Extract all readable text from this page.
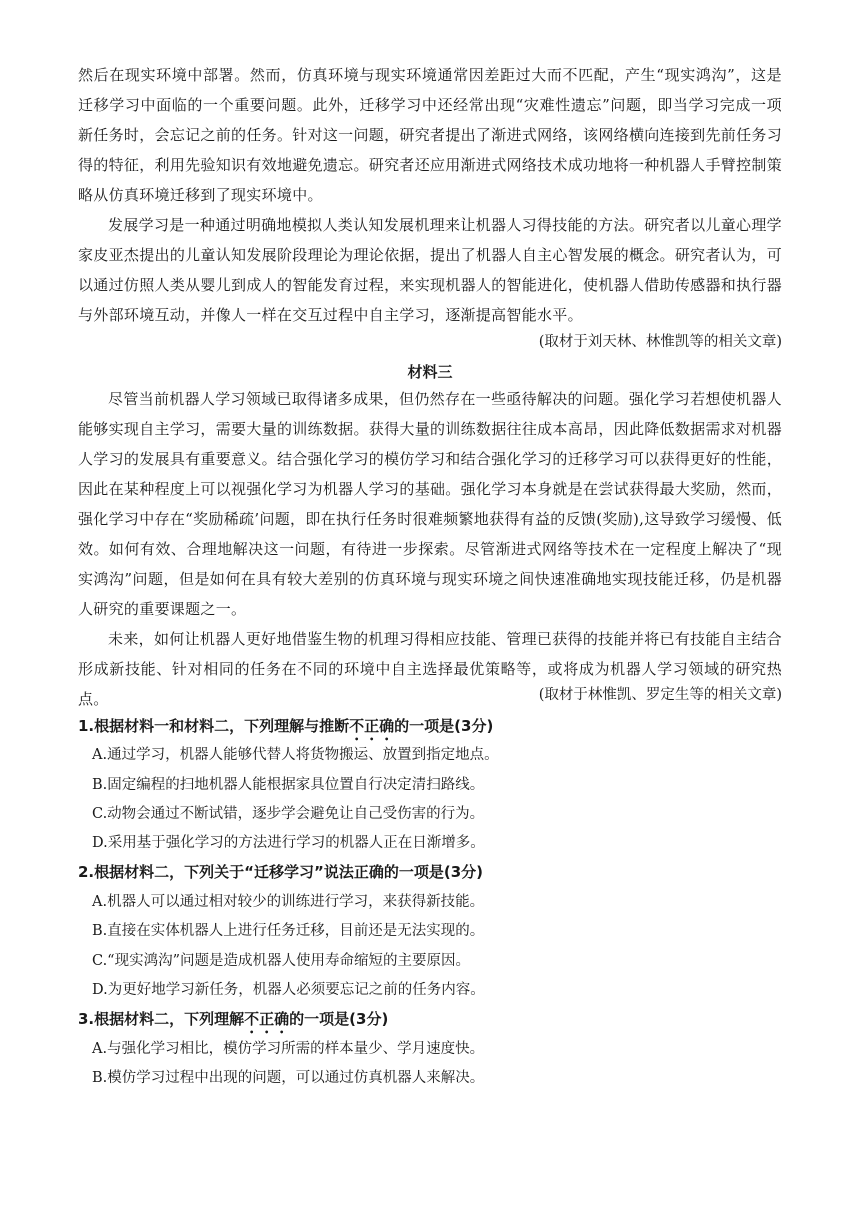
然后在现实环境中部署。然而，仿真环境与现实环境通常因差距过大而不匹配，产生“现实鸿沟”，这是迁移学习中面临的一个重要问题。此外，迁移学习中还经常出现“灾难性遗忘”问题，即当学习完成一项新任务时，会忘记之前的任务。针对这一问题，研究者提出了渐进式网络，该网络横向连接到先前任务习得的特征，利用先验知识有效地避免遗忘。研究者还应用渐进式网络技术成功地将一种机器人手臂控制策略从仿真环境迁移到了现实环境中。

发展学习是一种通过明确地模拟人类认知发展机理来让机器人习得技能的方法。研究者以儿童心理学家皮亚杰提出的儿童认知发展阶段理论为理论依据，提出了机器人自主心智发展的概念。研究者认为，可以通过仿照人类从婴儿到成人的智能发育过程，来实现机器人的智能进化，使机器人借助传感器和执行器与外部环境互动，并像人一样在交互过程中自主学习，逐渐提高智能水平。

(取材于刘天林、林惟凯等的相关文章)
材料三

尽管当前机器人学习领域已取得诸多成果，但仍然存在一些亟待解决的问题。强化学习若想使机器人能够实现自主学习，需要大量的训练数据。获得大量的训练数据往往成本高昂，因此降低数据需求对机器人学习的发展具有重要意义。结合强化学习的模仿学习和结合强化学习的迁移学习可以获得更好的性能，因此在某种程度上可以视强化学习为机器人学习的基础。强化学习本身就是在尝试获得最大奖励，然而，强化学习中存在“奖励稀疏’问题，即在执行任务时很难频繁地获得有益的反馈(奖励),这导致学习缓慢、低效。如何有效、合理地解决这一问题，有待进一步探索。尽管渐进式网络等技术在一定程度上解决了“现实鸿沟”问题，但是如何在具有较大差别的仿真环境与现实环境之间快速准确地实现技能迁移，仍是机器人研究的重要课题之一。

未来，如何让机器人更好地借鉴生物的机理习得相应技能、管理已获得的技能并将已有技能自主结合形成新技能、针对相同的任务在不同的环境中自主选择最优策略等，或将成为机器人学习领域的研究热点。	(取材于林惟凯、罗定生等的相关文章)
1.根据材料一和材料二，下列理解与推断不正确的一项是(3分)
A.通过学习，机器人能够代替人将货物搬运、放置到指定地点。
B.固定编程的扫地机器人能根据家具位置自行决定清扫路线。
C.动物会通过不断试错，逐步学会避免让自己受伤害的行为。
D.采用基于强化学习的方法进行学习的机器人正在日渐增多。
2.根据材料二，下列关于“迁移学习”说法正确的一项是(3分)
A.机器人可以通过相对较少的训练进行学习，来获得新技能。
B.直接在实体机器人上进行任务迁移，目前还是无法实现的。
C.“现实鸿沟”问题是造成机器人使用寿命缩短的主要原因。
D.为更好地学习新任务，机器人必须要忘记之前的任务内容。
3.根据材料二，下列理解不正确的一项是(3分)
A.与强化学习相比，模仿学习所需的样本量少、学月速度快。
B.模仿学习过程中出现的问题，可以通过仿真机器人来解决。
